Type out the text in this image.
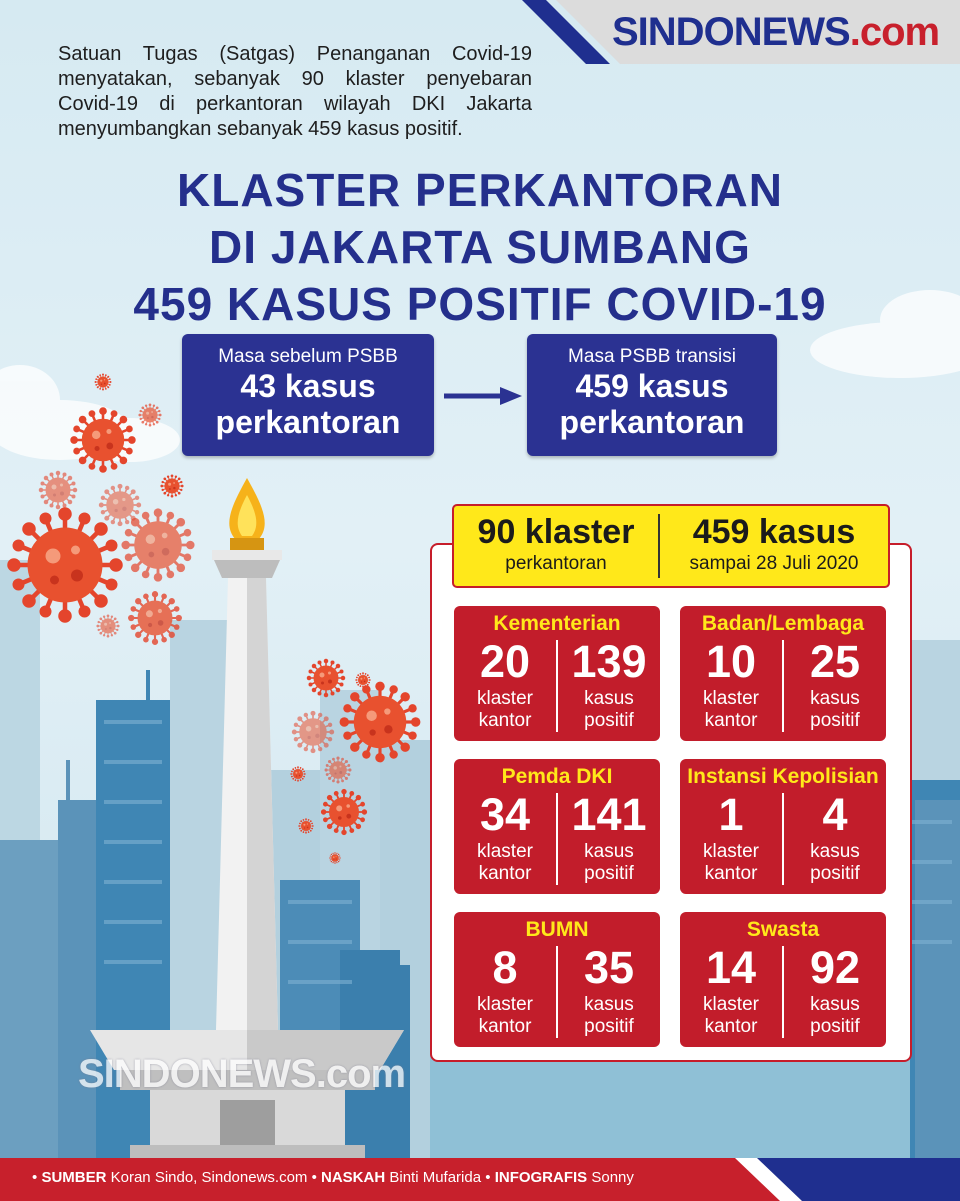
SINDONEWS.com
Satuan Tugas (Satgas) Penanganan Covid-19
menyatakan, sebanyak 90 klaster penyebaran
Covid-19 di perkantoran wilayah DKI Jakarta
menyumbangkan sebanyak 459 kasus positif.
KLASTER PERKANTORAN
DI JAKARTA SUMBANG
459 KASUS POSITIF COVID-19
Masa sebelum PSBB
43 kasus
perkantoran
Masa PSBB transisi
459 kasus
perkantoran
90 klaster
perkantoran
459 kasus
sampai 28 Juli 2020
Kementerian
20
klaster
kantor
139
kasus
positif
Badan/Lembaga
10
klaster
kantor
25
kasus
positif
Pemda DKI
34
klaster
kantor
141
kasus
positif
Instansi Kepolisian
1
klaster
kantor
4
kasus
positif
BUMN
8
klaster
kantor
35
kasus
positif
Swasta
14
klaster
kantor
92
kasus
positif
SINDONEWS.com
• SUMBER Koran Sindo, Sindonews.com • NASKAH Binti Mufarida • INFOGRAFIS Sonny
